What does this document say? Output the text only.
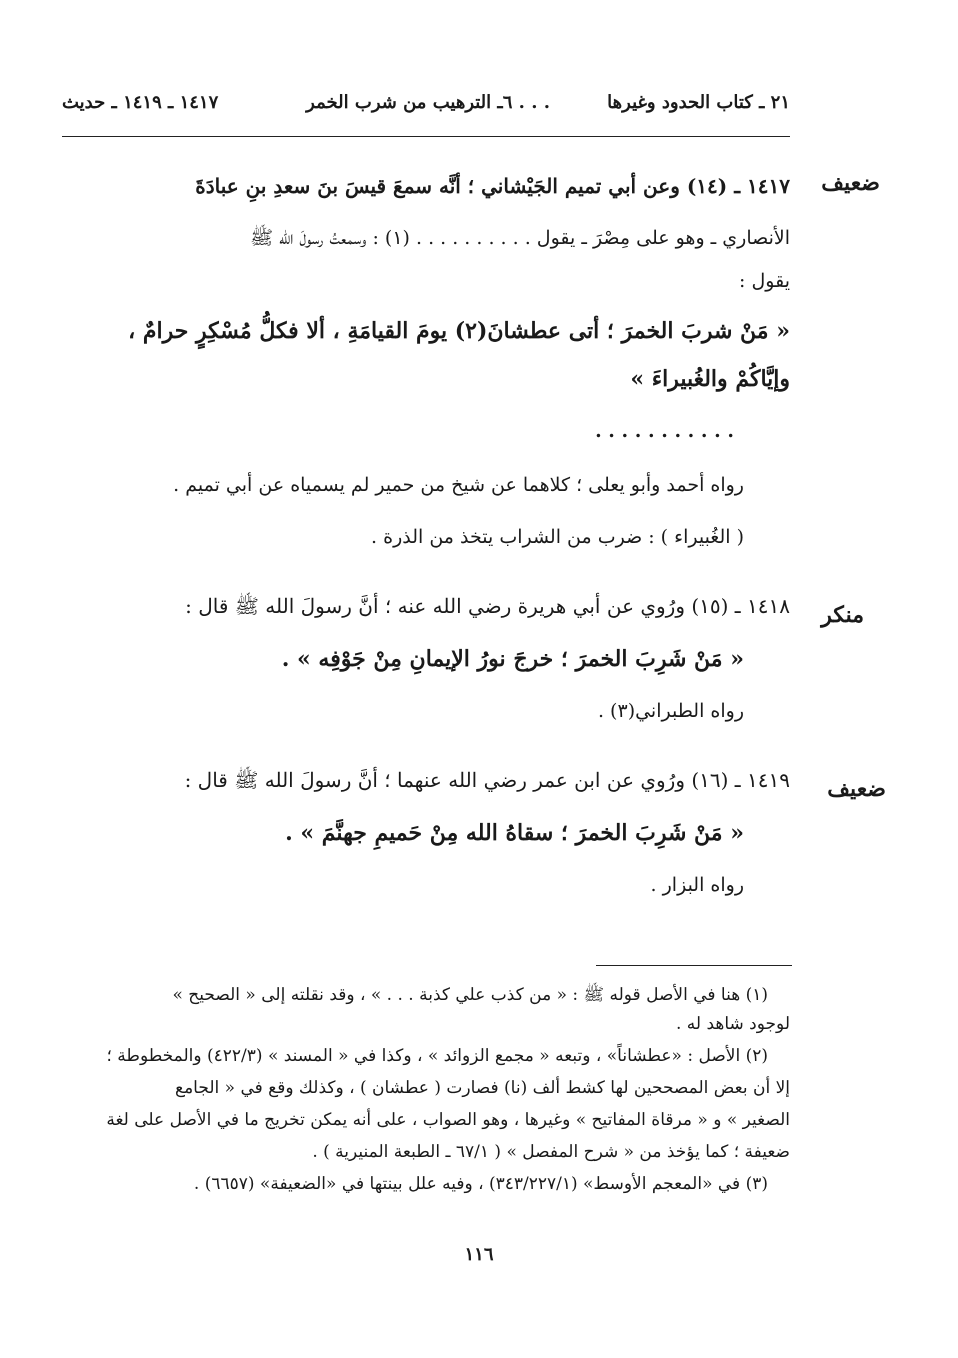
٢١ ـ كتاب الحدود وغيرها
٦ـ الترهيب من شرب الخمر . . .
١٤١٧ ـ ١٤١٩ ـ حديث
ضعيف
١٤١٧ ـ (١٤) وعن أبي تميم الجَيْشاني ؛ أنَّه سمعَ قيسَ بنَ سعدِ بنِ عبادَةَ
الأنصاري ـ وهو على مِصْرَ ـ يقول . . . . . . . . . . (١) : وسمعتُ رسولَ الله ﷺ
يقول :
« مَنْ شربَ الخمرَ ؛ أتى عطشانَ(٢) يومَ القيامَةِ ، ألا فكلُّ مُسْكِرٍ حرامٌ ،
وإيَّاكُمْ والغُبيراءَ »
. . . . . . . . . . .
رواه أحمد وأبو يعلى ؛ كلاهما عن شيخ من حمير لم يسمياه عن أبي تميم .
( الغُبيراء ) : ضرب من الشراب يتخذ من الذرة .
منكر
١٤١٨ ـ (١٥) ورُوي عن أبي هريرة رضي الله عنه ؛ أنَّ رسولَ الله ﷺ قال :
« مَنْ شَرِبَ الخمرَ ؛ خرجَ نورُ الإيمانِ مِنْ جَوْفِه » .
رواه الطبراني(٣) .
ضعيف
١٤١٩ ـ (١٦) ورُوي عن ابن عمر رضي الله عنهما ؛ أنَّ رسولَ الله ﷺ قال :
« مَنْ شَرِبَ الخمرَ ؛ سقاهُ الله مِنْ حَميمِ جهنَّمَ » .
رواه البزار .
(١) هنا في الأصل قوله ﷺ : « من كذب علي كذبة . . . » ، وقد نقلته إلى « الصحيح »
لوجود شاهد له .
(٢) الأصل : «عطشاناً» ، وتبعه « مجمع الزوائد » ، وكذا في « المسند » (٤٢٢/٣) والمخطوطة ؛
إلا أن بعض المصححين لها كشط ألف (نا) فصارت ( عطشان ) ، وكذلك وقع في « الجامع
الصغير » و « مرقاة المفاتيح » وغيرها ، وهو الصواب ، على أنه يمكن تخريج ما في الأصل على لغة
ضعيفة ؛ كما يؤخذ من « شرح المفصل » ( ٦٧/١ ـ الطبعة المنيرية ) .
(٣) في «المعجم الأوسط» (٣٤٣/٢٢٧/١) ، وفيه علل بينتها في «الضعيفة» (٦٦٥٧) .
١١٦
